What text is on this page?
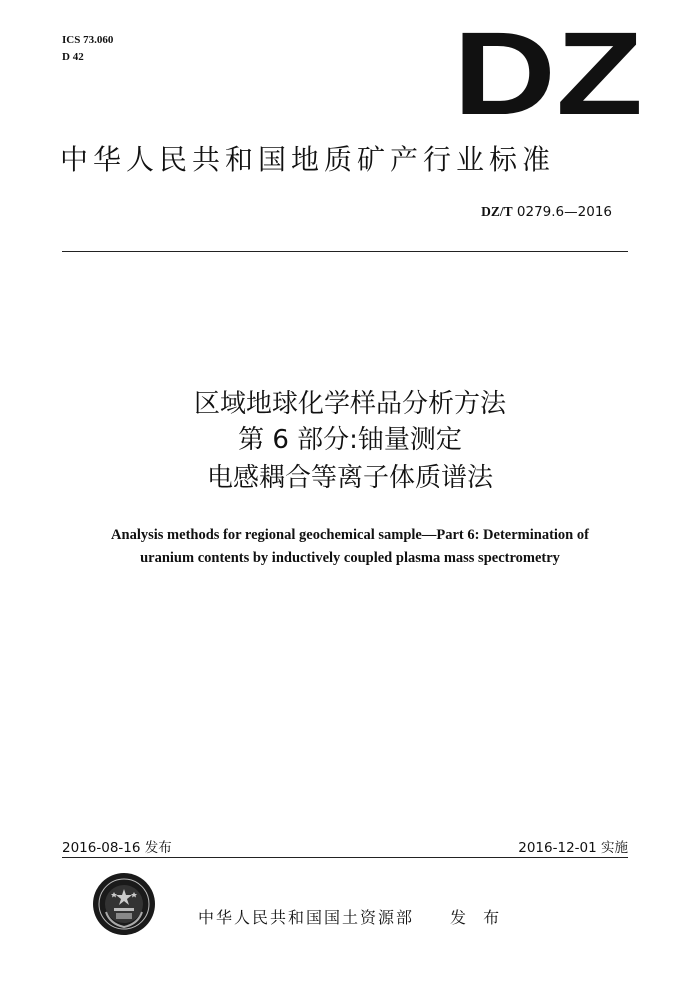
ICS 73.060
D 42	DZ
中华人民共和国地质矿产行业标准
DZ/T 0279.6—2016
区域地球化学样品分析方法
第 6 部分:铀量测定
电感耦合等离子体质谱法
Analysis methods for regional geochemical sample—Part 6: Determination of
uranium contents by inductively coupled plasma mass spectrometry
2016-08-16 发布	2016-12-01 实施
中华人民共和国国土资源部 发 布
